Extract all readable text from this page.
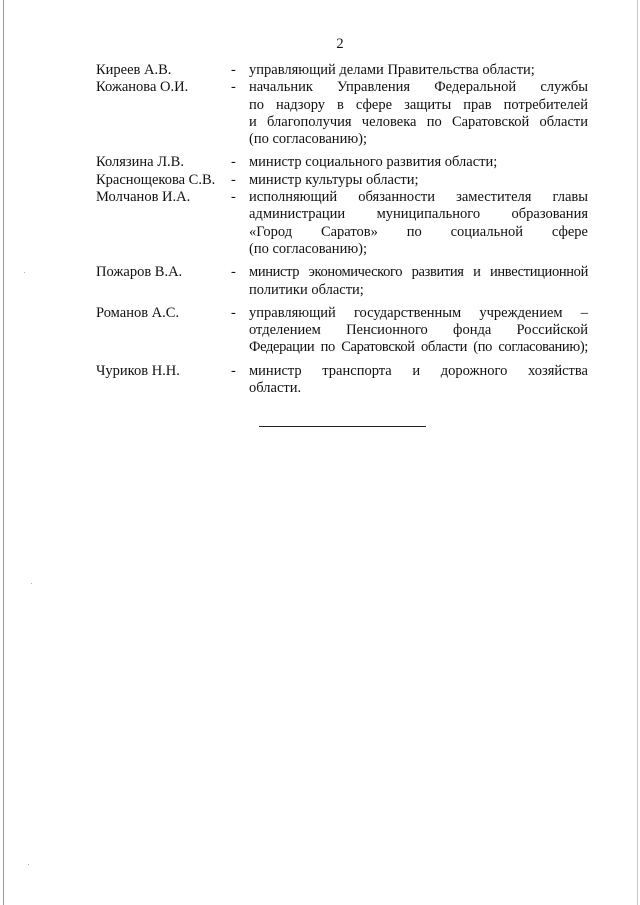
2
Киреев А.В.	- управляющий делами Правительства области;
Кожанова О.И.	- начальник Управления Федеральной службы
по надзору в сфере защиты прав потребителей
и благополучия человека по Саратовской области
(по согласованию);
Колязина Л.В.	- министр социального развития области;
Краснощекова С.В.	- министр культуры области;
Молчанов И.А.	- исполняющий обязанности заместителя главы
администрации муниципального образования
«Город Саратов» по социальной сфере
(по согласованию);
Пожаров В.А.	- министр экономического развития и инвестиционной
политики области;
Романов А.С.	- управляющий государственным учреждением –
отделением Пенсионного фонда Российской
Федерации по Саратовской области (по согласованию);
Чуриков Н.Н.	- министр транспорта и дорожного хозяйства
области.
